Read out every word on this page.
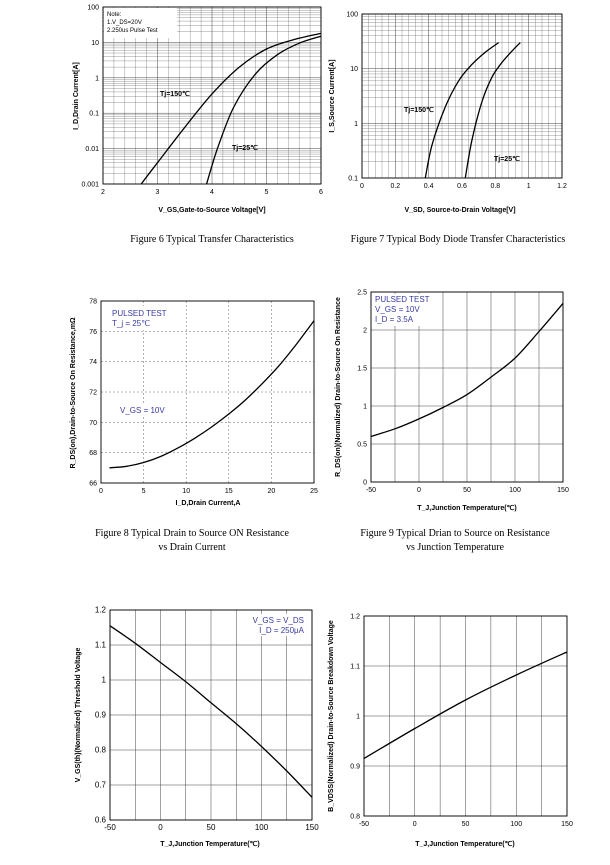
2	3	4	5	6
0.001
0.01
0.1
1
10
100
Note:
1.V_DS=20V
2.250us Pulse Test
Tj=150℃
Tj=25℃
V_GS,Gate-to-Source Voltage[V]
I_D,Drain Current[A]
Figure 6 Typical Transfer Characteristics
0	0.2	0.4	0.6	0.8	1	1.2
0.1
1
10
100
Tj=150℃
Tj=25℃
V_SD, Source-to-Drain Voltage[V]
I_S,Source Current[A]
Figure 7 Typical Body Diode Transfer Characteristics
0	5	10	15	20	25
66
68
70
72
74
76
78
PULSED TEST
T_j = 25℃
V_GS = 10V
I_D,Drain Current,A
R_DS(on),Drain-to-Source On Resistance,mΩ
Figure 8 Typical Drain to Source ON Resistance
vs Drain Current
-50	0	50	100	150
0
0.5
1
1.5
2
2.5
PULSED TEST
V_GS = 10V
I_D = 3.5A
T_J,Junction Temperature(℃)
R_DS(on)(Normalized) Drain-to-Source On Resistance
Figure 9 Typical Drian to Source on Resistance
vs Junction Temperature
-50	0	50	100	150
0.6
0.7
0.8
0.9
1
1.1
1.2
V_GS = V_DS
I_D = 250μA
T_J,Junction Temperature(℃)
V_GS(th)(Normalized) Threshold Voltage
-50	0	50	100	150
0.8
0.9
1
1.1
1.2
T_J,Junction Temperature(℃)
B_VDSS(Normalized) Drain-to-Source Breakdown Voltage
